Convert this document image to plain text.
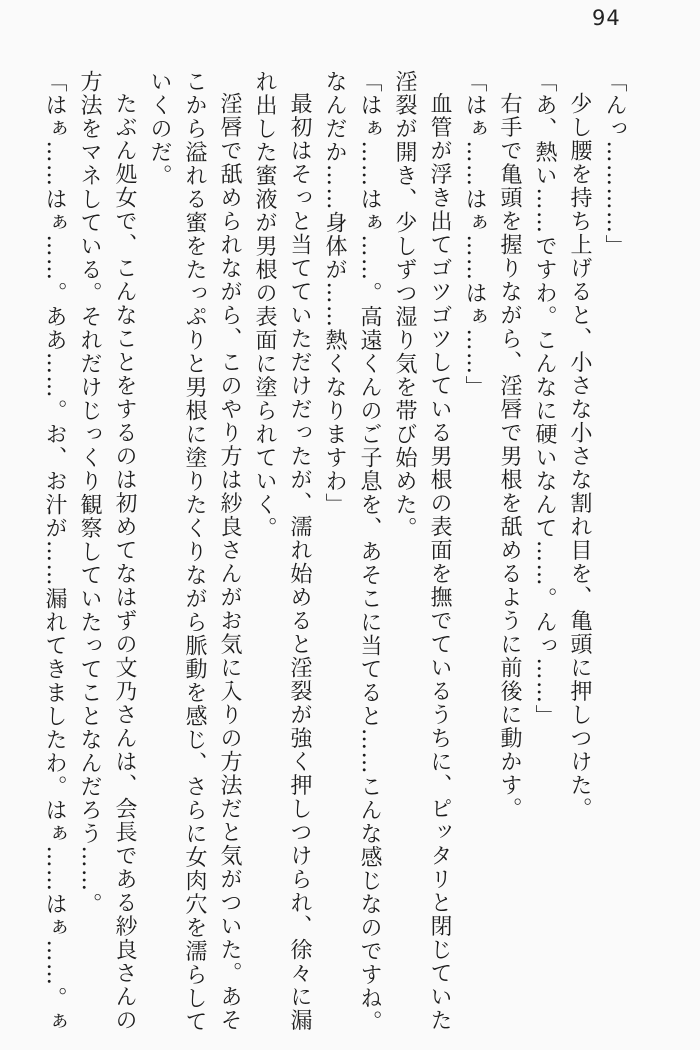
94

「んっ…………」

少し腰を持ち上げると、小さな小さな割れ目を、亀頭に押しつけた。

「あ、熱い……ですわ。こんなに硬いなんて……。んっ……」

右手で亀頭を握りながら、淫唇で男根を舐めるように前後に動かす。

「はぁ……はぁ……はぁ……」

血管が浮き出てゴツゴツしている男根の表面を撫でているうちに、ピッタリと閉じていた淫裂が開き、少しずつ湿り気を帯び始めた。

「はぁ……はぁ……。高遠くんのご子息を、あそこに当てると……こんな感じなのですね。なんだか……身体が……熱くなりますわ」

最初はそっと当てていただけだったが、濡れ始めると淫裂が強く押しつけられ、徐々に漏れ出した蜜液が男根の表面に塗られていく。

淫唇で舐められながら、このやり方は紗良さんがお気に入りの方法だと気がついた。あそこから溢れる蜜をたっぷりと男根に塗りたくりながら脈動を感じ、さらに女肉穴を濡らしていくのだ。

たぶん処女で、こんなことをするのは初めてなはずの文乃さんは、会長である紗良さんの方法をマネしている。それだけじっくり観察していたってことなんだろう……。

「はぁ……はぁ……。ああ……。お、お汁が……漏れてきましたわ。はぁ……はぁ……。ぁ
